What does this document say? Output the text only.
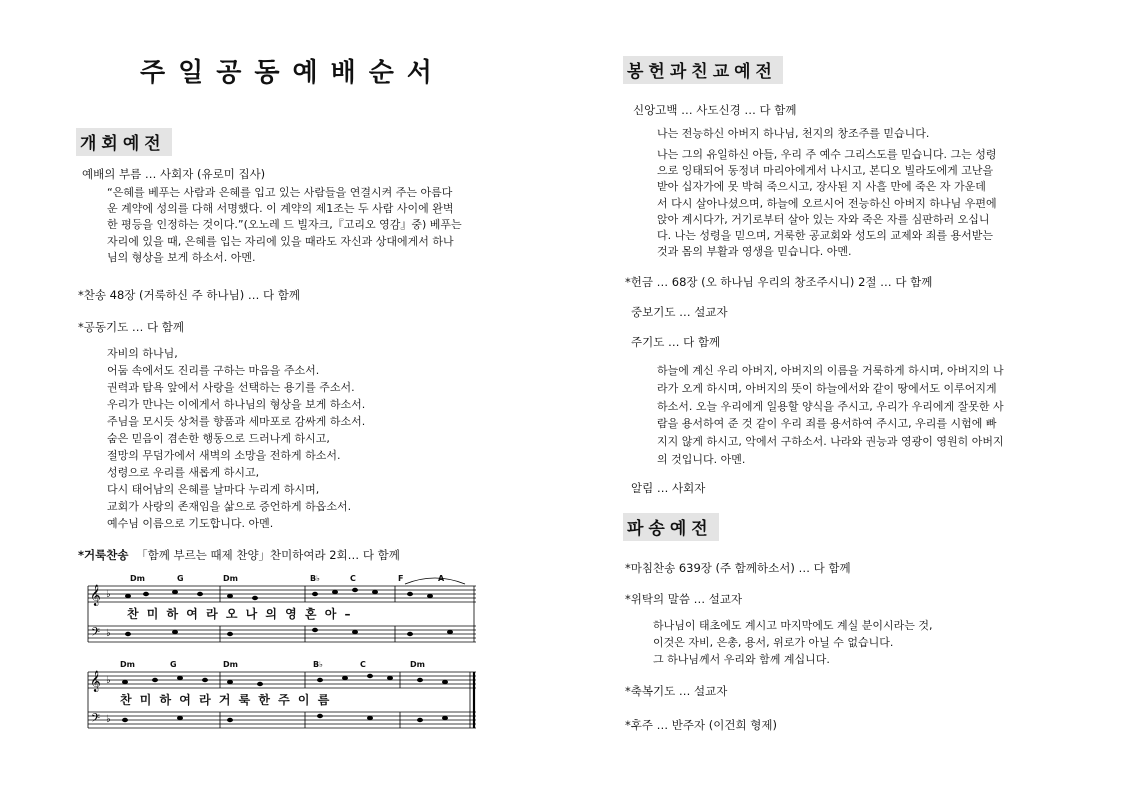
주일공동예배순서
개회예전
예배의 부름 … 사회자 (유로미 집사)
“은혜를 베푸는 사람과 은혜를 입고 있는 사람들을 연결시켜 주는 아름다
운 계약에 성의를 다해 서명했다. 이 계약의 제1조는 두 사람 사이에 완벽
한 평등을 인정하는 것이다.”(오노레 드 빌자크,『고리오 영감』중) 베푸는
자리에 있을 때, 은혜를 입는 자리에 있을 때라도 자신과 상대에게서 하나
님의 형상을 보게 하소서. 아멘.
*찬송 48장 (거룩하신 주 하나님) … 다 함께
*공동기도 … 다 함께
자비의 하나님,
어둠 속에서도 진리를 구하는 마음을 주소서.
권력과 탐욕 앞에서 사랑을 선택하는 용기를 주소서.
우리가 만나는 이에게서 하나님의 형상을 보게 하소서.
주님을 모시듯 상처를 향품과 세마포로 감싸게 하소서.
숨은 믿음이 겸손한 행동으로 드러나게 하시고,
절망의 무덤가에서 새벽의 소망을 전하게 하소서.
성령으로 우리를 새롭게 하시고,
다시 태어남의 은혜를 날마다 누리게 하시며,
교회가 사랑의 존재임을 삶으로 증언하게 하옵소서.
예수님 이름으로 기도합니다. 아멘.
*거룩찬송 「함께 부르는 때제 찬양」찬미하여라 2회… 다 함께
Dm	G	Dm	B♭	C	F	A
𝄞
𝄢
♭
♭
찬 미 하 여 라 오 나 의 영 혼 아 –
Dm	G	Dm	B♭	C	Dm
𝄞
𝄢
♭
♭
찬 미 하 여 라 거 룩 한 주 이 름
봉헌과친교예전
신앙고백 … 사도신경 … 다 함께
나는 전능하신 아버지 하나님, 천지의 창조주를 믿습니다.
나는 그의 유일하신 아들, 우리 주 예수 그리스도를 믿습니다. 그는 성령
으로 잉태되어 동정녀 마리아에게서 나시고, 본디오 빌라도에게 고난을
받아 십자가에 못 박혀 죽으시고, 장사된 지 사흘 만에 죽은 자 가운데
서 다시 살아나셨으며, 하늘에 오르시어 전능하신 아버지 하나님 우편에
앉아 계시다가, 거기로부터 살아 있는 자와 죽은 자를 심판하러 오십니
다. 나는 성령을 믿으며, 거룩한 공교회와 성도의 교제와 죄를 용서받는
것과 몸의 부활과 영생을 믿습니다. 아멘.
*헌금 … 68장 (오 하나님 우리의 창조주시니) 2절 … 다 함께
중보기도 … 설교자
주기도 … 다 함께
하늘에 계신 우리 아버지, 아버지의 이름을 거룩하게 하시며, 아버지의 나
라가 오게 하시며, 아버지의 뜻이 하늘에서와 같이 땅에서도 이루어지게
하소서. 오늘 우리에게 일용할 양식을 주시고, 우리가 우리에게 잘못한 사
람을 용서하여 준 것 같이 우리 죄를 용서하여 주시고, 우리를 시험에 빠
지지 않게 하시고, 악에서 구하소서. 나라와 권능과 영광이 영원히 아버지
의 것입니다. 아멘.
알림 … 사회자
파송예전
*마침찬송 639장 (주 함께하소서) … 다 함께
*위탁의 말씀 … 설교자
하나님이 태초에도 계시고 마지막에도 계실 분이시라는 것,
이것은 자비, 은총, 용서, 위로가 아닐 수 없습니다.
그 하나님께서 우리와 함께 계십니다.
*축복기도 … 설교자
*후주 … 반주자 (이건희 형제)
